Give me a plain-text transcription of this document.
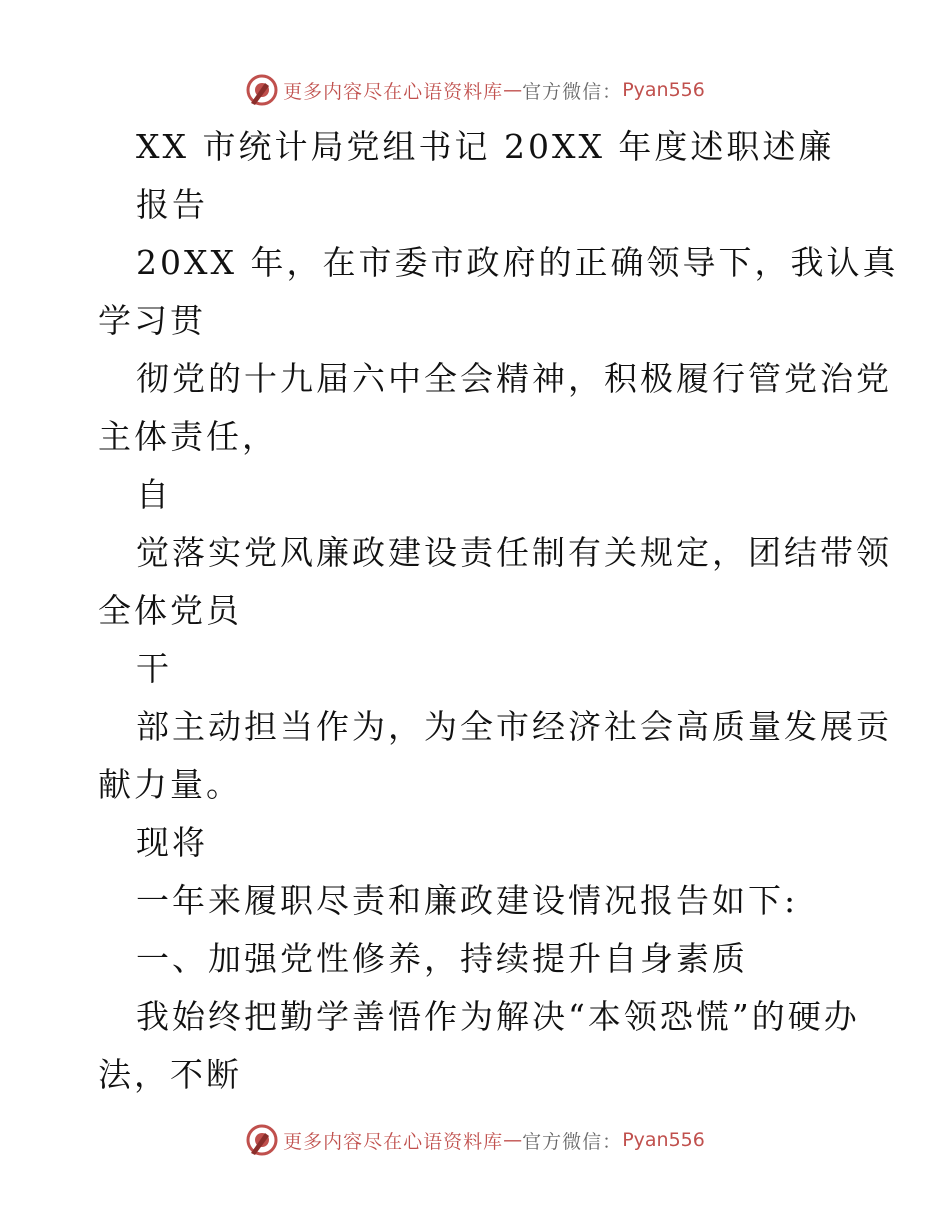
更多内容尽在心语资料库 — 官方微信： Pyan556
XX 市统计局党组书记 20XX 年度述职述廉
报告
20XX 年，在市委市政府的正确领导下，我认真
学习贯
彻党的十九届六中全会精神，积极履行管党治党
主体责任，
自
觉落实党风廉政建设责任制有关规定，团结带领
全体党员
干
部主动担当作为，为全市经济社会高质量发展贡
献力量。
现将
一年来履职尽责和廉政建设情况报告如下:
一、加强党性修养，持续提升自身素质
我始终把勤学善悟作为解决“本领恐慌”的硬办
法，不断
更多内容尽在心语资料库 — 官方微信： Pyan556
